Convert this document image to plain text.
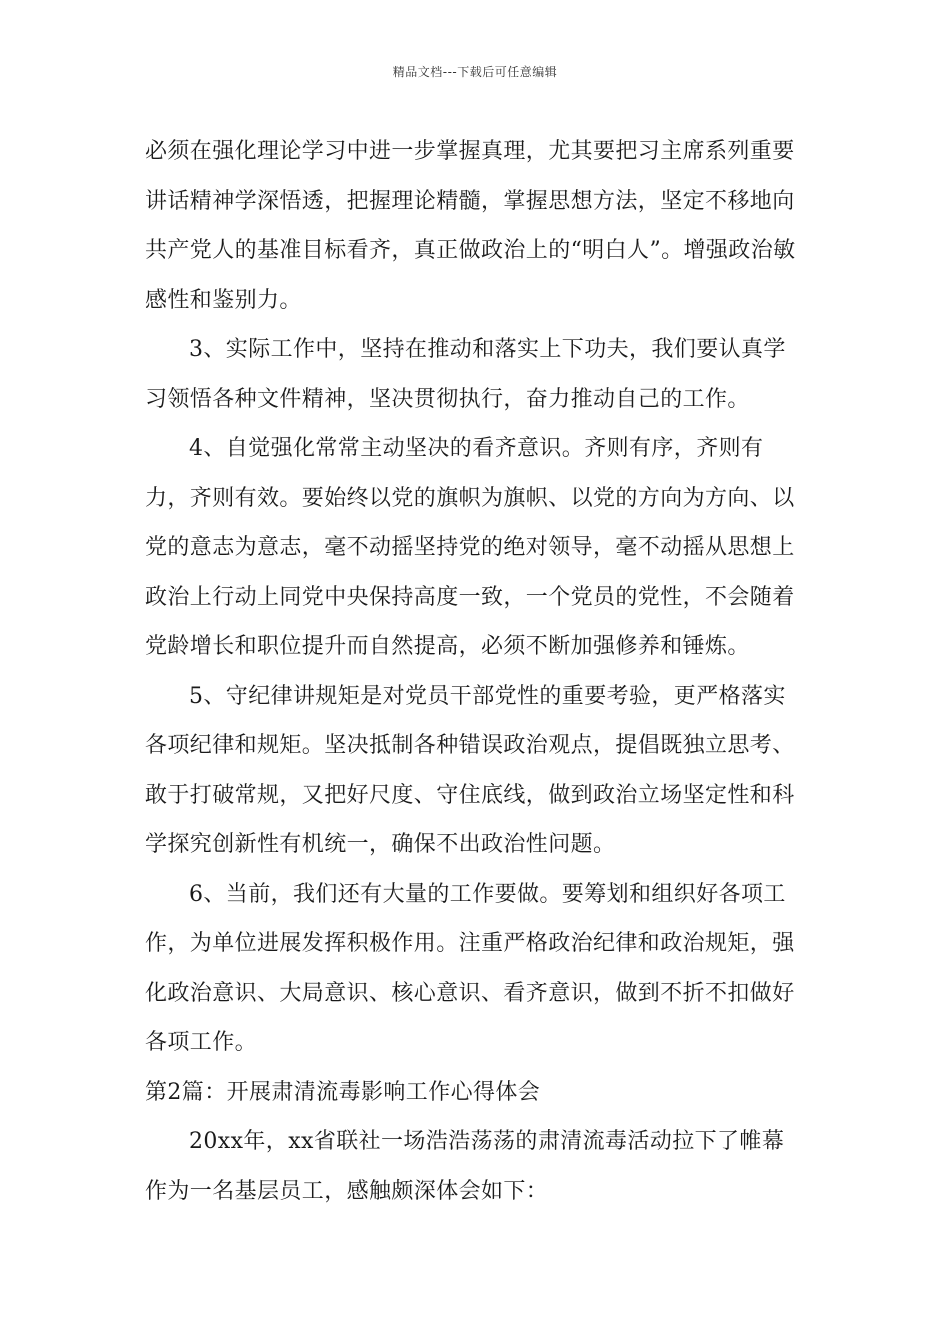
精品文档---下载后可任意编辑

必须在强化理论学习中进一步掌握真理，尤其要把习主席系列重要讲话精神学深悟透，把握理论精髓，掌握思想方法，坚定不移地向共产党人的基准目标看齐，真正做政治上的“明白人”。增强政治敏感性和鉴别力。

3、实际工作中，坚持在推动和落实上下功夫，我们要认真学习领悟各种文件精神，坚决贯彻执行，奋力推动自己的工作。

4、自觉强化常常主动坚决的看齐意识。齐则有序，齐则有力，齐则有效。要始终以党的旗帜为旗帜、以党的方向为方向、以党的意志为意志，毫不动摇坚持党的绝对领导，毫不动摇从思想上政治上行动上同党中央保持高度一致，一个党员的党性，不会随着党龄增长和职位提升而自然提高，必须不断加强修养和锤炼。

5、守纪律讲规矩是对党员干部党性的重要考验，更严格落实各项纪律和规矩。坚决抵制各种错误政治观点，提倡既独立思考、敢于打破常规，又把好尺度、守住底线，做到政治立场坚定性和科学探究创新性有机统一，确保不出政治性问题。

6、当前，我们还有大量的工作要做。要筹划和组织好各项工作，为单位进展发挥积极作用。注重严格政治纪律和政治规矩，强化政治意识、大局意识、核心意识、看齐意识，做到不折不扣做好各项工作。

第2篇：开展肃清流毒影响工作心得体会

20xx年，xx省联社一场浩浩荡荡的肃清流毒活动拉下了帷幕作为一名基层员工，感触颇深体会如下：
